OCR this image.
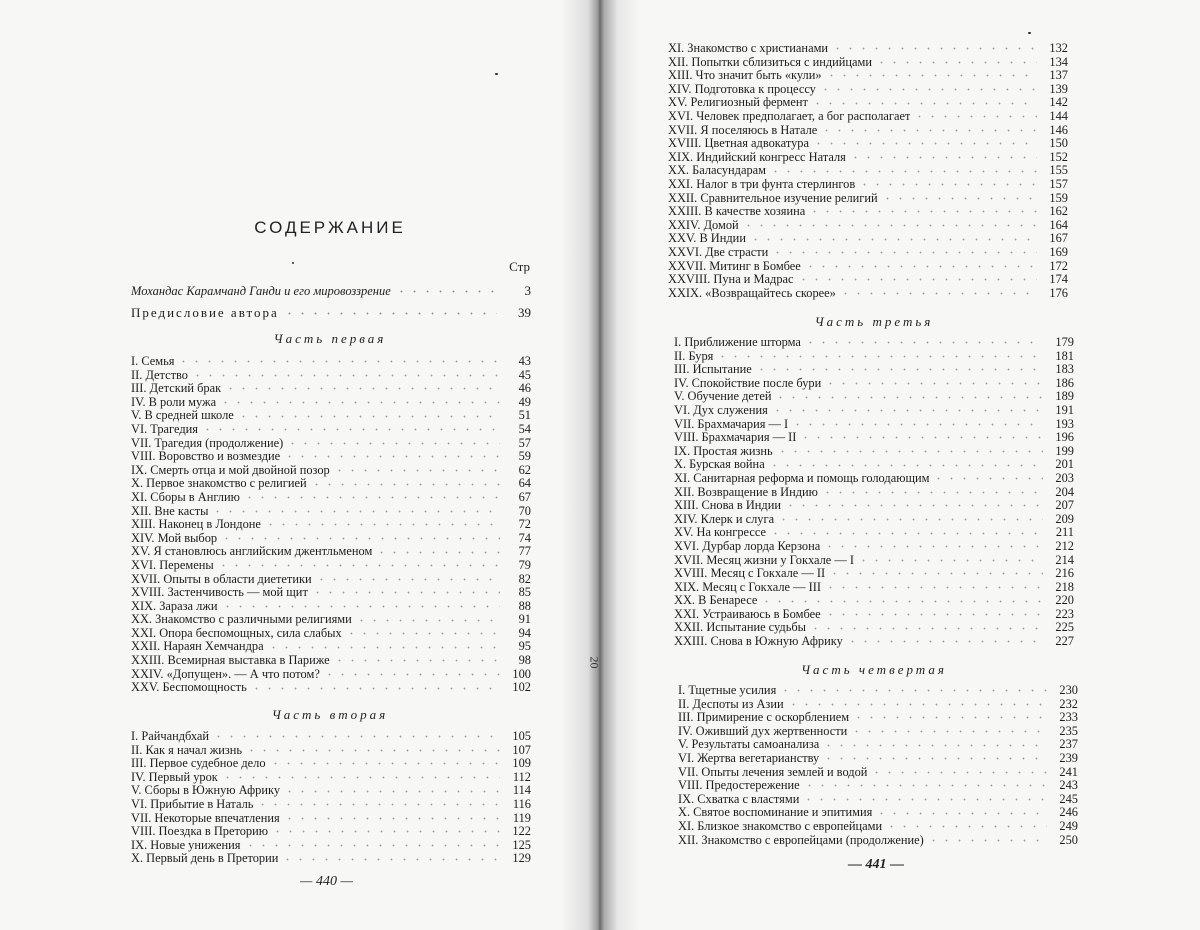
20
СОДЕРЖАНИЕ
Стр
Мохандас Карамчанд Ганди и его мировоззрение	3
Предисловие автора	39
Часть первая
I. Семья	43
II. Детство	45
III. Детский брак	46
IV. В роли мужа	49
V. В средней школе	51
VI. Трагедия	54
VII. Трагедия (продолжение)	57
VIII. Воровство и возмездие	59
IX. Смерть отца и мой двойной позор	62
X. Первое знакомство с религией	64
XI. Сборы в Англию	67
XII. Вне касты	70
XIII. Наконец в Лондоне	72
XIV. Мой выбор	74
XV. Я становлюсь английским джентльменом	77
XVI. Перемены	79
XVII. Опыты в области диететики	82
XVIII. Застенчивость — мой щит	85
XIX. Зараза лжи	88
XX. Знакомство с различными религиями	91
XXI. Опора беспомощных, сила слабых	94
XXII. Нараян Хемчандра	95
XXIII. Всемирная выставка в Париже	98
XXIV. «Допущен». — А что потом?	100
XXV. Беспомощность	102
Часть вторая
I. Райчандбхай	105
II. Как я начал жизнь	107
III. Первое судебное дело	109
IV. Первый урок	112
V. Сборы в Южную Африку	114
VI. Прибытие в Наталь	116
VII. Некоторые впечатления	119
VIII. Поездка в Преторию	122
IX. Новые унижения	125
X. Первый день в Претории	129
— 440 —
XI. Знакомство с христианами	132
XII. Попытки сблизиться с индийцами	134
XIII. Что значит быть «кули»	137
XIV. Подготовка к процессу	139
XV. Религиозный фермент	142
XVI. Человек предполагает, а бог располагает	144
XVII. Я поселяюсь в Натале	146
XVIII. Цветная адвокатура	150
XIX. Индийский конгресс Наталя	152
XX. Баласундарам	155
XXI. Налог в три фунта стерлингов	157
XXII. Сравнительное изучение религий	159
XXIII. В качестве хозяина	162
XXIV. Домой	164
XXV. В Индии	167
XXVI. Две страсти	169
XXVII. Митинг в Бомбее	172
XXVIII. Пуна и Мадрас	174
XXIX. «Возвращайтесь скорее»	176
Часть третья
I. Приближение шторма	179
II. Буря	181
III. Испытание	183
IV. Спокойствие после бури	186
V. Обучение детей	189
VI. Дух служения	191
VII. Брахмачария — I	193
VIII. Брахмачария — II	196
IX. Простая жизнь	199
X. Бурская война	201
XI. Санитарная реформа и помощь голодающим	203
XII. Возвращение в Индию	204
XIII. Снова в Индии	207
XIV. Клерк и слуга	209
XV. На конгрессе	211
XVI. Дурбар лорда Керзона	212
XVII. Месяц жизни у Гокхале — I	214
XVIII. Месяц с Гокхале — II	216
XIX. Месяц с Гокхале — III	218
XX. В Бенаресе	220
XXI. Устраиваюсь в Бомбее	223
XXII. Испытание судьбы	225
XXIII. Снова в Южную Африку	227
Часть четвертая
I. Тщетные усилия	230
II. Деспоты из Азии	232
III. Примирение с оскорблением	233
IV. Оживший дух жертвенности	235
V. Результаты самоанализа	237
VI. Жертва вегетарианству	239
VII. Опыты лечения землей и водой	241
VIII. Предостережение	243
IX. Схватка с властями	245
X. Святое воспоминание и эпитимия	246
XI. Близкое знакомство с европейцами	249
XII. Знакомство с европейцами (продолжение)	250
— 441 —
